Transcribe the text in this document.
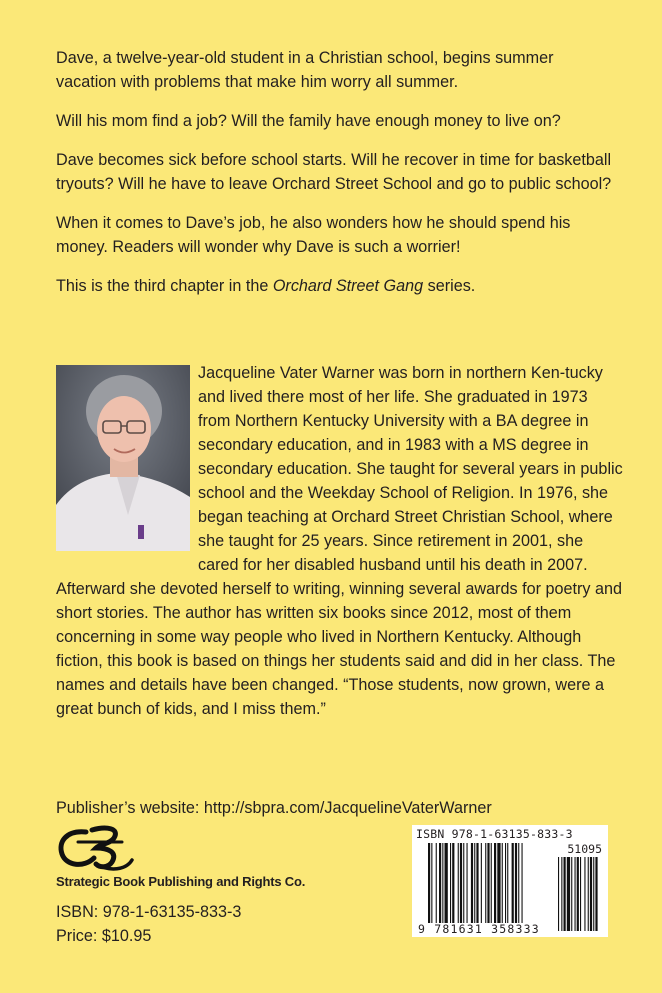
Dave, a twelve-year-old student in a Christian school, begins summer vacation with problems that make him worry all summer.

Will his mom find a job? Will the family have enough money to live on?

Dave becomes sick before school starts. Will he recover in time for basketball tryouts? Will he have to leave Orchard Street School and go to public school?

When it comes to Dave’s job, he also wonders how he should spend his money. Readers will wonder why Dave is such a worrier!

This is the third chapter in the Orchard Street Gang series.

Jacqueline Vater Warner was born in northern Ken-tucky and lived there most of her life. She graduated in 1973 from Northern Kentucky University with a BA degree in secondary education, and in 1983 with a MS degree in secondary education. She taught for several years in public school and the Weekday School of Religion. In 1976, she began teaching at Orchard Street Christian School, where she taught for 25 years. Since retirement in 2001, she cared for her disabled husband until his death in 2007. Afterward she devoted herself to writing, winning several awards for poetry and short stories. The author has written six books since 2012, most of them concerning in some way people who lived in Northern Kentucky. Although fiction, this book is based on things her students said and did in her class. The names and details have been changed. “Those students, now grown, were a great bunch of kids, and I miss them.”
Publisher’s website: http://sbpra.com/JacquelineVaterWarner
Strategic Book Publishing and Rights Co.
ISBN: 978-1-63135-833-3
Price: $10.95
ISBN 978-1-63135-833-3
51095
9 781631 358333
